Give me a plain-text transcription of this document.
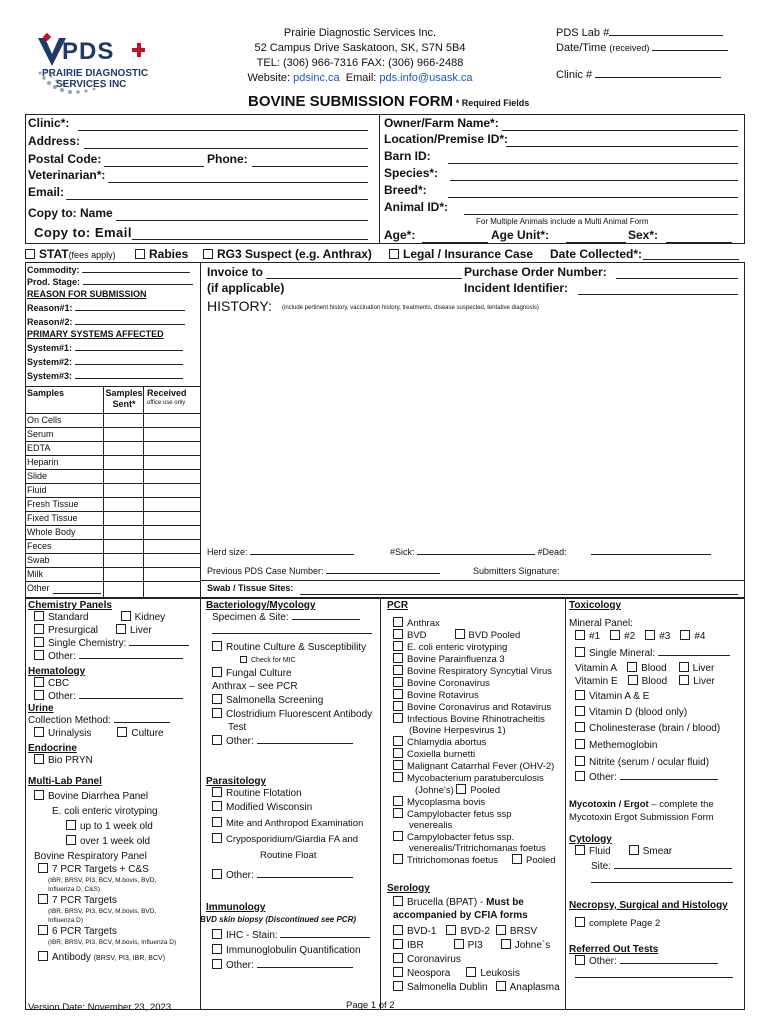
PDS
PRAIRIE DIAGNOSTIC
SERVICES INC
Prairie Diagnostic Services Inc.
52 Campus Drive Saskatoon, SK, S7N 5B4
TEL: (306) 966-7316 FAX: (306) 966-2488
Website: pdsinc.ca Email: pds.info@usask.ca
PDS Lab #
Date/Time (received)
Clinic #
BOVINE SUBMISSION FORM * Required Fields
Clinic*:
Address:
Postal Code:	Phone:
Veterinarian*:
Email:
Copy to: Name
Copy to: Email
Owner/Farm Name*:
Location/Premise ID*:
Barn ID:
Species*:
Breed*:
Animal ID*:
For Multiple Animals include a Multi Animal Form
Age*:	Age Unit*:	Sex*:
STAT(fees apply)	Rabies	RG3 Suspect (e.g. Anthrax)	Legal / Insurance Case Date Collected*:
Commodity:
Prod. Stage:
REASON FOR SUBMISSION
Reason#1:
Reason#2:
PRIMARY SYSTEMS AFFECTED
System#1:
System#2:
System#3:
Samples	Samples Sent*
Received
office use only
On Cells
Serum
EDTA
Heparin
Slide
Fluid
Fresh Tissue
Fixed Tissue
Whole Body
Feces
Swab
Milk
Other
Invoice to
(if applicable)
Purchase Order Number:
Incident Identifier:
HISTORY: (include pertinent history, vaccination history, treatments, disease suspected, tentative diagnosis)
Herd size:	#Sick:	#Dead:
Previous PDS Case Number:	Submitters Signature:
Swab / Tissue Sites:
Chemistry Panels
Standard	Kidney
Presurgical	Liver
Single Chemistry:
Other:
Hematology
CBC
Other:
Urine
Collection Method:
Urinalysis	Culture
Endocrine
Bio PRYN
Multi-Lab Panel
Bovine Diarrhea Panel
E. coli enteric virotyping
up to 1 week old
over 1 week old
Bovine Respiratory Panel
7 PCR Targets + C&S
(IBR, BRSV, PI3, BCV, M.bovis, BVD,
Influenza D, C&S)
7 PCR Targets
(IBR, BRSV, PI3, BCV, M.bovis, BVD,
Influenza D)
6 PCR Targets
(IBR, BRSV, PI3, BCV, M.bovis, Influenza D)
Antibody (BRSV, PI3, IBR, BCV)
Bacteriology/Mycology
Specimen & Site:
Routine Culture & Susceptibility
Check for MIC
Fungal Culture
Anthrax – see PCR
Salmonella Screening
Clostridium Fluorescent Antibody
Test
Other:
Parasitology
Routine Flotation
Modified Wisconsin
Mite and Anthropod Examination
Cryposporidium/Giardia FA and
Routine Float
Other:
Immunology
BVD skin biopsy (Discontinued see PCR)
IHC - Stain:
Immunoglobulin Quantification
Other:
PCR
Anthrax
BVD	BVD Pooled
E. coli enteric virotyping
Bovine Parainfluenza 3
Bovine Respiratory Syncytial Virus
Bovine Coronavirus
Bovine Rotavirus
Bovine Coronavirus and Rotavirus
Infectious Bovine Rhinotracheitis
(Bovine Herpesvirus 1)
Chlamydia abortus
Coxiella burnetti
Malignant Catarrhal Fever (OHV-2)
Mycobacterium paratuberculosis
(Johne's) Pooled
Mycoplasma bovis
Campylobacter fetus ssp
venerealis
Campylobacter fetus ssp.
venerealis/Tritrichomanas foetus
Tritrichomonas foetus	Pooled
Serology
Brucella (BPAT) - Must be
accompanied by CFIA forms
BVD-1 BVD-2 BRSV
IBR	PI3	Johne`s
Coronavirus
Neospora	Leukosis
Salmonella Dublin Anaplasma
Toxicology
Mineral Panel:
#1 #2 #3 #4
Single Mineral:
Vitamin A Blood	Liver
Vitamin E Blood	Liver
Vitamin A & E
Vitamin D (blood only)
Cholinesterase (brain / blood)
Methemoglobin
Nitrite (serum / ocular fluid)
Other:
Mycotoxin / Ergot – complete the
Mycotoxin Ergot Submission Form
Cytology
Fluid	Smear
Site:
Necropsy, Surgical and Histology
complete Page 2
Referred Out Tests
Other:
Version Date: November 23, 2023	Page 1 of 2
